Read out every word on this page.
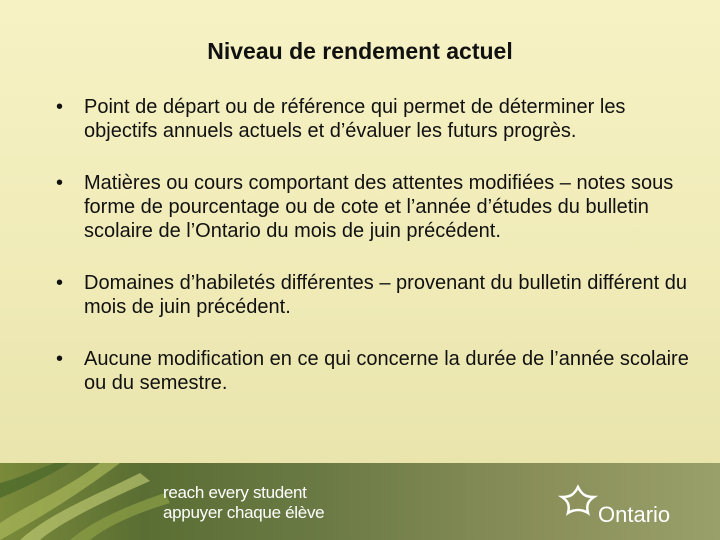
Niveau de rendement actuel
• Point de départ ou de référence qui permet de déterminer les objectifs annuels actuels et d’évaluer les futurs progrès.
• Matières ou cours comportant des attentes modifiées – notes sous forme de pourcentage ou de cote et l’année d’études du bulletin scolaire de l’Ontario du mois de juin précédent.
• Domaines d’habiletés différentes – provenant du bulletin différent du mois de juin précédent.
• Aucune modification en ce qui concerne la durée de l’année scolaire ou du semestre.
reach every student
appuyer chaque élève	Ontario
